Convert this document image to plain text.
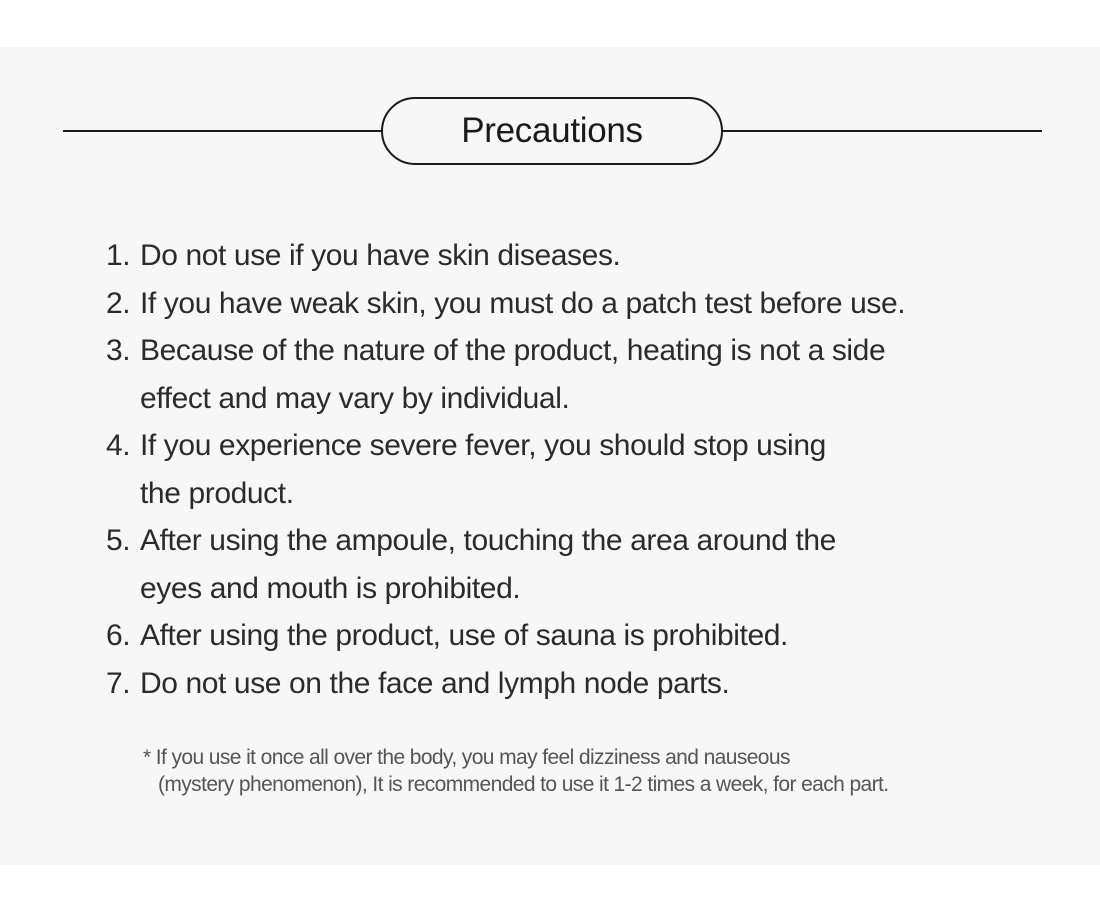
Precautions
1. Do not use if you have skin diseases.
2. If you have weak skin, you must do a patch test before use.
3. Because of the nature of the product, heating is not a side
effect and may vary by individual.
4. If you experience severe fever, you should stop using
the product.
5. After using the ampoule, touching the area around the
eyes and mouth is prohibited.
6. After using the product, use of sauna is prohibited.
7. Do not use on the face and lymph node parts.
* If you use it once all over the body, you may feel dizziness and nauseous
(mystery phenomenon), It is recommended to use it 1-2 times a week, for each part.
